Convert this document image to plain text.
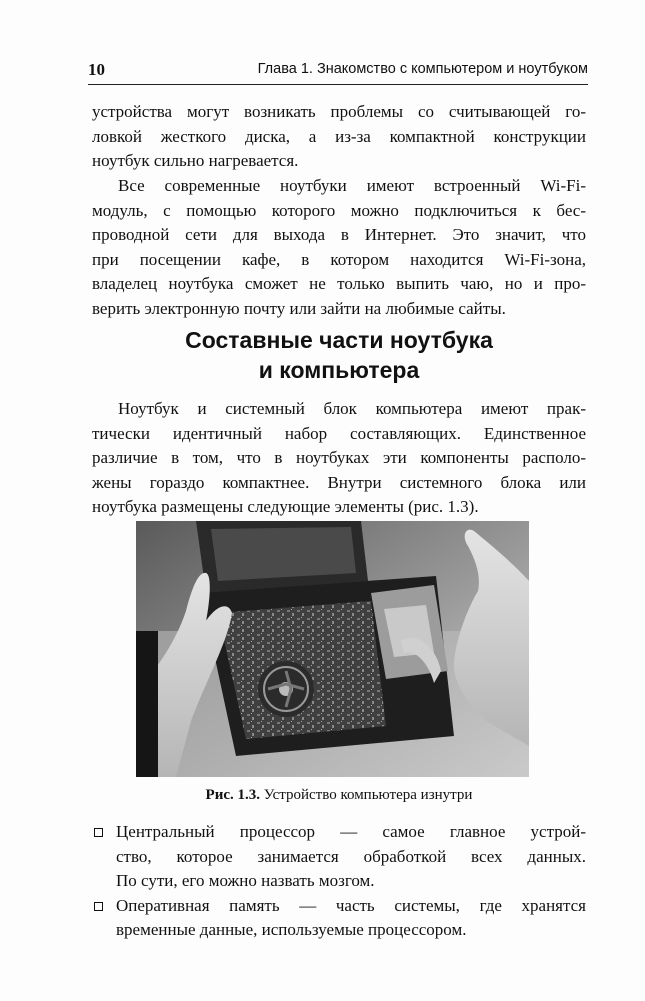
10	Глава 1. Знакомство с компьютером и ноутбуком

устройства могут возникать проблемы со считывающей го-
ловкой жесткого диска, а из-за компактной конструкции
ноутбук сильно нагревается.

Все современные ноутбуки имеют встроенный Wi-Fi-
модуль, с помощью которого можно подключиться к бес-
проводной сети для выхода в Интернет. Это значит, что
при посещении кафе, в котором находится Wi-Fi-зона,
владелец ноутбука сможет не только выпить чаю, но и про-
верить электронную почту или зайти на любимые сайты.

Составные части ноутбука
и компьютера

Ноутбук и системный блок компьютера имеют прак-
тически идентичный набор составляющих. Единственное
различие в том, что в ноутбуках эти компоненты располо-
жены гораздо компактнее. Внутри системного блока или
ноутбука размещены следующие элементы (рис. 1.3).

Рис. 1.3. Устройство компьютера изнутри

Центральный процессор — самое главное устрой-
ство, которое занимается обработкой всех данных.
По сути, его можно назвать мозгом.
Оперативная память — часть системы, где хранятся
временные данные, используемые процессором.
